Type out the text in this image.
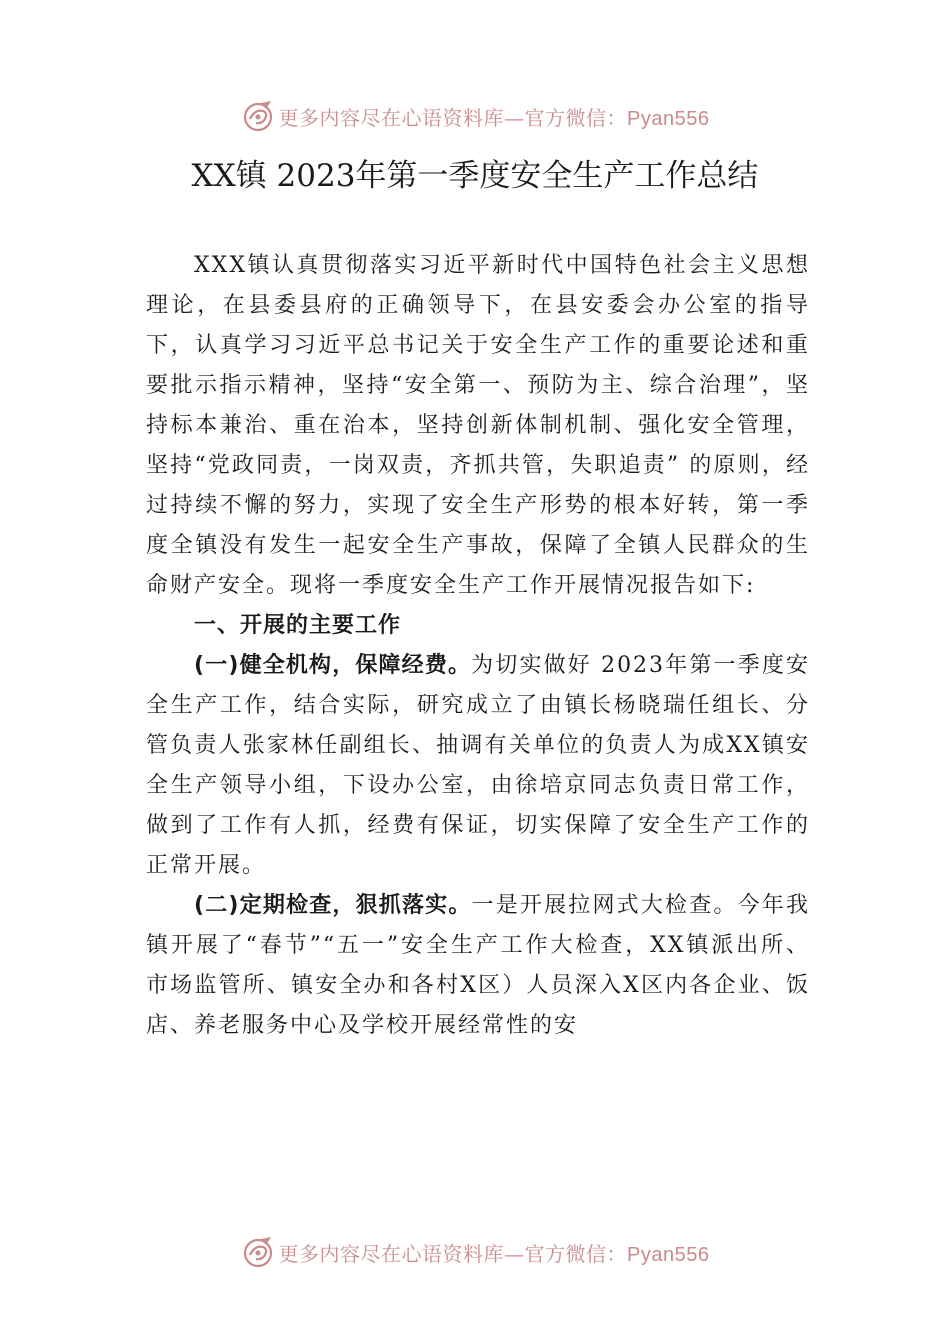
更多内容尽在心语资料库—官方微信：Pyan556
XX镇 2023年第一季度安全生产工作总结

XXX镇认真贯彻落实习近平新时代中国特色社会主义思想理论，在县委县府的正确领导下，在县安委会办公室的指导下，认真学习习近平总书记关于安全生产工作的重要论述和重要批示指示精神，坚持“安全第一、预防为主、综合治理”，坚持标本兼治、重在治本，坚持创新体制机制、强化安全管理，坚持“党政同责，一岗双责，齐抓共管，失职追责” 的原则，经过持续不懈的努力，实现了安全生产形势的根本好转，第一季度全镇没有发生一起安全生产事故，保障了全镇人民群众的生命财产安全。现将一季度安全生产工作开展情况报告如下:

一、开展的主要工作

(一)健全机构，保障经费。为切实做好 2023年第一季度安全生产工作，结合实际，研究成立了由镇长杨晓瑞任组长、分管负责人张家林任副组长、抽调有关单位的负责人为成XX镇安全生产领导小组，下设办公室，由徐培京同志负责日常工作，做到了工作有人抓，经费有保证，切实保障了安全生产工作的正常开展。

(二)定期检查，狠抓落实。一是开展拉网式大检查。今年我镇开展了“春节”“五一”安全生产工作大检查，XX镇派出所、市场监管所、镇安全办和各村X区）人员深入X区内各企业、饭店、养老服务中心及学校开展经常性的安

更多内容尽在心语资料库—官方微信：Pyan556
